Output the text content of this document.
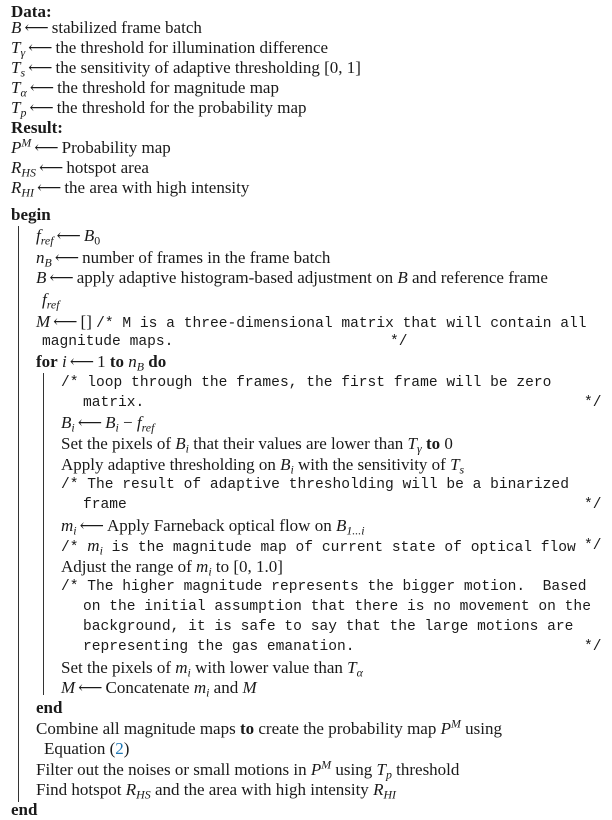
Data:
B ⟵ stabilized frame batch
$T_\gamma$ ⟵ the threshold for illumination difference
$T_s$ ⟵ the sensitivity of adaptive thresholding [0, 1]
$T_\alpha$ ⟵ the threshold for magnitude map
$T_p$ ⟵ the threshold for the probability map
Result:
$P^M$ ⟵ Probability map
$R_{HS}$ ⟵ hotspot area
$R_{HI}$ ⟵ the area with high intensity
begin
$f_{ref}$ ⟵ $B_0$
$n_B$ ⟵ number of frames in the frame batch
B ⟵ apply adaptive histogram-based adjustment on B and reference frame
$f_{ref}$
M ⟵ [] /* M is a three-dimensional matrix that will contain all
magnitude maps.	*/
for i ⟵ 1 to $n_B$ do
/* loop through the frames, the first frame will be zero
matrix.	*/
$B_i$ ⟵ $B_i - f_{ref}$
Set the pixels of $B_i$ that their values are lower than $T_\gamma$ to 0
Apply adaptive thresholding on $B_i$ with the sensitivity of $T_s$
/* The result of adaptive thresholding will be a binarized
frame	*/
$m_i$ ⟵ Apply Farneback optical flow on $B_{1...i}$
/* $m_i$ is the magnitude map of current state of optical flow */
Adjust the range of $m_i$ to [0, 1.0]
/* The higher magnitude represents the bigger motion.  Based
on the initial assumption that there is no movement on the
background, it is safe to say that the large motions are
representing the gas emanation.	*/
Set the pixels of $m_i$ with lower value than $T_\alpha$
M ⟵ Concatenate $m_i$ and M
end
Combine all magnitude maps to create the probability map $P^M$ using
Equation (2)
Filter out the noises or small motions in $P^M$ using $T_p$ threshold
Find hotspot $R_{HS}$ and the area with high intensity $R_{HI}$
end
